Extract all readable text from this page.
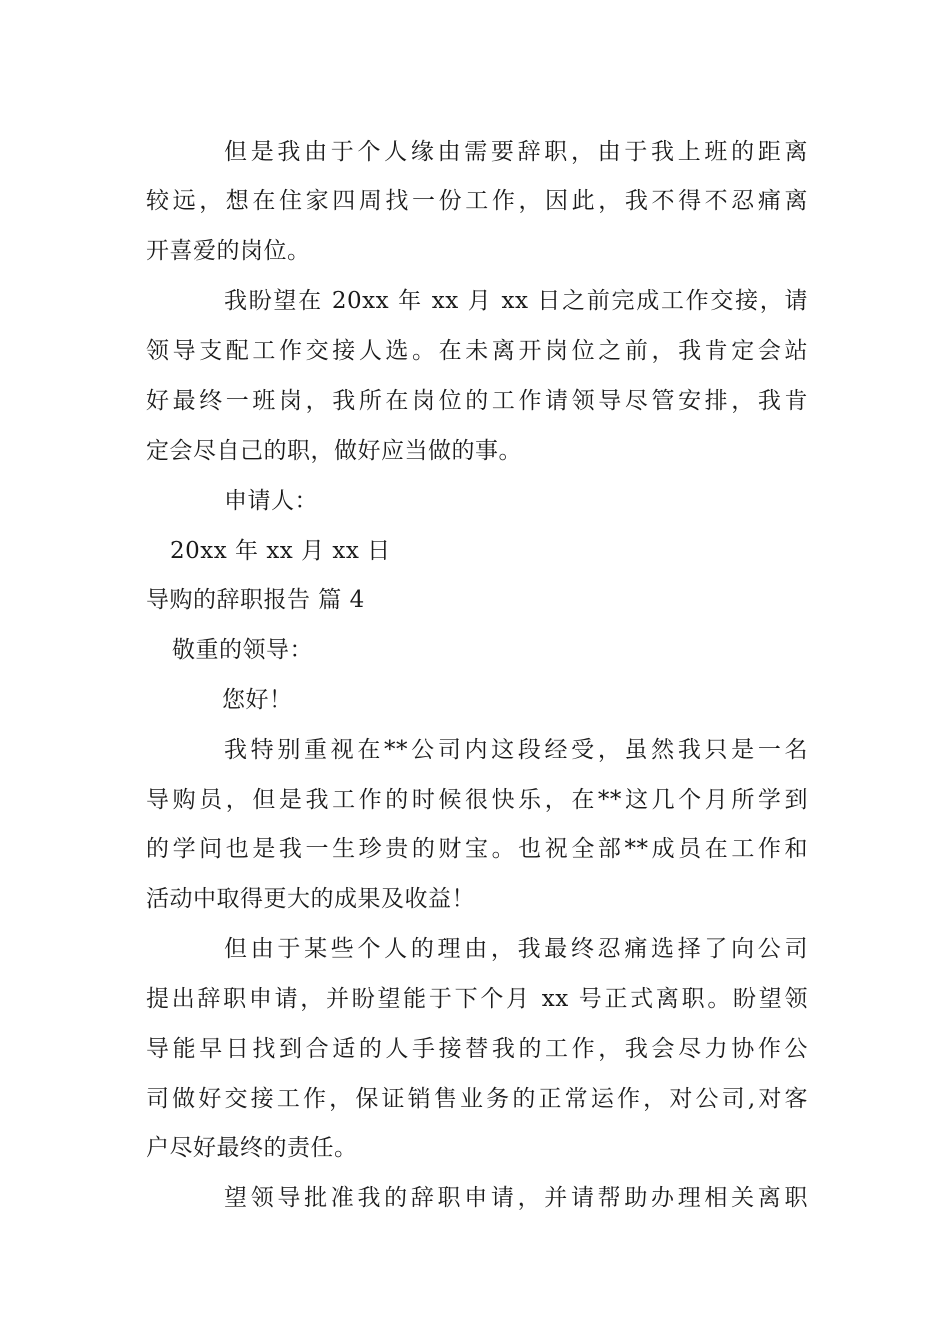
但是我由于个人缘由需要辞职，由于我上班的距离
较远，想在住家四周找一份工作，因此，我不得不忍痛离
开喜爱的岗位。
我盼望在 20xx 年 xx 月 xx 日之前完成工作交接，请
领导支配工作交接人选。在未离开岗位之前，我肯定会站
好最终一班岗，我所在岗位的工作请领导尽管安排，我肯
定会尽自己的职，做好应当做的事。
申请人：
20xx 年 xx 月 xx 日
导购的辞职报告 篇 4
敬重的领导：
您好！
我特别重视在**公司内这段经受，虽然我只是一名
导购员，但是我工作的时候很快乐，在**这几个月所学到
的学问也是我一生珍贵的财宝。也祝全部**成员在工作和
活动中取得更大的成果及收益！
但由于某些个人的理由，我最终忍痛选择了向公司
提出辞职申请，并盼望能于下个月 xx 号正式离职。盼望领
导能早日找到合适的人手接替我的工作，我会尽力协作公
司做好交接工作，保证销售业务的正常运作，对公司,对客
户尽好最终的责任。
望领导批准我的辞职申请，并请帮助办理相关离职
